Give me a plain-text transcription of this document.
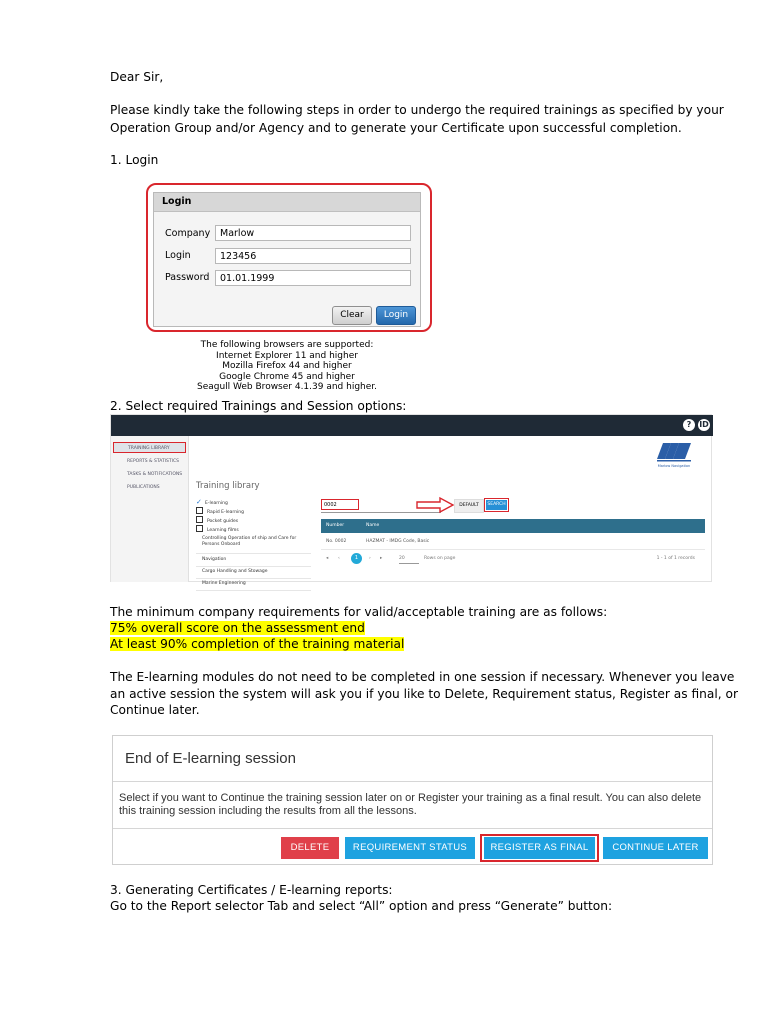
Dear Sir,

Please kindly take the following steps in order to undergo the required trainings as specified by your

Operation Group and/or Agency and to generate your Certificate upon successful completion.

1. Login

Login
Company	Marlow
Login	123456
Password	01.01.1999
Clear	Login
The following browsers are supported:
Internet Explorer 11 and higher
Mozilla Firefox 44 and higher
Google Chrome 45 and higher
Seagull Web Browser 4.1.39 and higher.

2. Select required Trainings and Session options:

? ID
TRAINING LIBRARY
REPORTS & STATISTICS
TASKS & NOTIFICATIONS
PUBLICATIONS
Marlow Navigation
Training library
✓ E-learning
Rapid E-learning
Pocket guides
Learning films
Controlling Operation of ship and Care for Persons Onboard
Navigation
Cargo Handling and Stowage
Marine Engineering
0002	DEFAULT	SEARCH
Number	Name
No. 0002	HAZMAT - IMDG Code, Basic
◂ ‹	1	› ▸	20	Rows on page	1 - 1 of 1 records

The minimum company requirements for valid/acceptable training are as follows:

75% overall score on the assessment end

At least 90% completion of the training material

The E-learning modules do not need to be completed in one session if necessary. Whenever you leave

an active session the system will ask you if you like to Delete, Requirement status, Register as final, or

Continue later.

End of E-learning session

Select if you want to Continue the training session later on or Register your training as a final result. You can also delete this training session including the results from all the lessons.

DELETE	REQUIREMENT STATUS	REGISTER AS FINAL	CONTINUE LATER

3. Generating Certificates / E-learning reports:

Go to the Report selector Tab and select “All” option and press “Generate” button:
